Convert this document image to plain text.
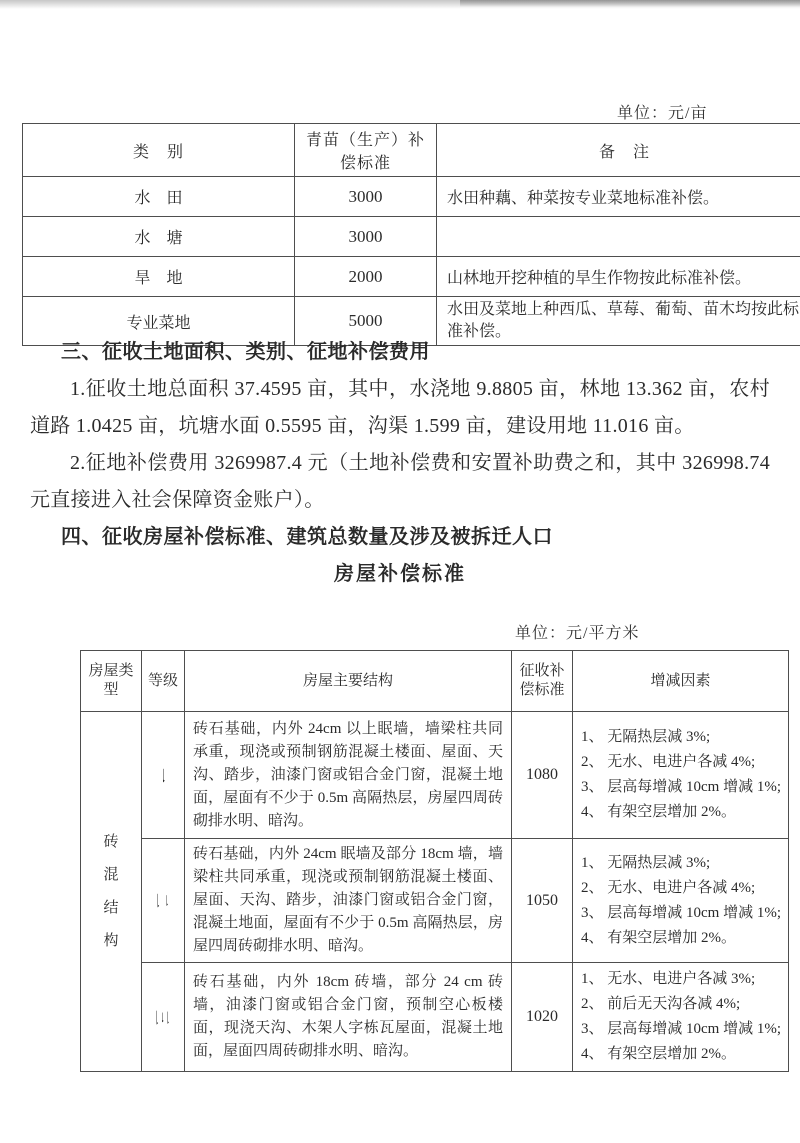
单位：元/亩
类　别	青苗（生产）补偿标准	备　注
水　田	3000	水田种藕、种菜按专业菜地标准补偿。
水　塘	3000	
旱　地	2000	山林地开挖种植的旱生作物按此标准补偿。
专业菜地	5000	水田及菜地上种西瓜、草莓、葡萄、苗木均按此标准补偿。
三、征收土地面积、类别、征地补偿费用

1.征收土地总面积 37.4595 亩，其中，水浇地 9.8805 亩，林地 13.362 亩，农村道路 1.0425 亩，坑塘水面 0.5595 亩，沟渠 1.599 亩，建设用地 11.016 亩。

2.征地补偿费用 3269987.4 元（土地补偿费和安置补助费之和，其中 326998.74 元直接进入社会保障资金账户）。

四、征收房屋补偿标准、建筑总数量及涉及被拆迁人口
房屋补偿标准
单位：元/平方米
房屋类型	等级	房屋主要结构	征收补偿标准	增减因素

砖混结构	一	砖石基础，内外 24cm 以上眠墙，墙梁柱共同承重，现浇或预制钢筋混凝土楼面、屋面、天沟、踏步，油漆门窗或铝合金门窗，混凝土地面，屋面有不少于 0.5m 高隔热层，房屋四周砖砌排水明、暗沟。	1080	1、 无隔热层减 3%;
2、 无水、电进户各减 4%;
3、 层高每增减 10cm 增减 1%;
4、 有架空层增加 2%。

	二	砖石基础，内外 24cm 眠墙及部分 18cm 墙，墙梁柱共同承重，现浇或预制钢筋混凝土楼面、屋面、天沟、踏步，油漆门窗或铝合金门窗，混凝土地面，屋面有不少于 0.5m 高隔热层，房屋四周砖砌排水明、暗沟。	1050	1、 无隔热层减 3%;
2、 无水、电进户各减 4%;
3、 层高每增减 10cm 增减 1%;
4、 有架空层增加 2%。

	三	砖石基础，内外 18cm 砖墙，部分 24 cm 砖墙，油漆门窗或铝合金门窗，预制空心板楼面，现浇天沟、木架人字栋瓦屋面，混凝土地面，屋面四周砖砌排水明、暗沟。	1020	1、 无水、电进户各减 3%;
2、 前后无天沟各减 4%;
3、 层高每增减 10cm 增减 1%;
4、 有架空层增加 2%。
